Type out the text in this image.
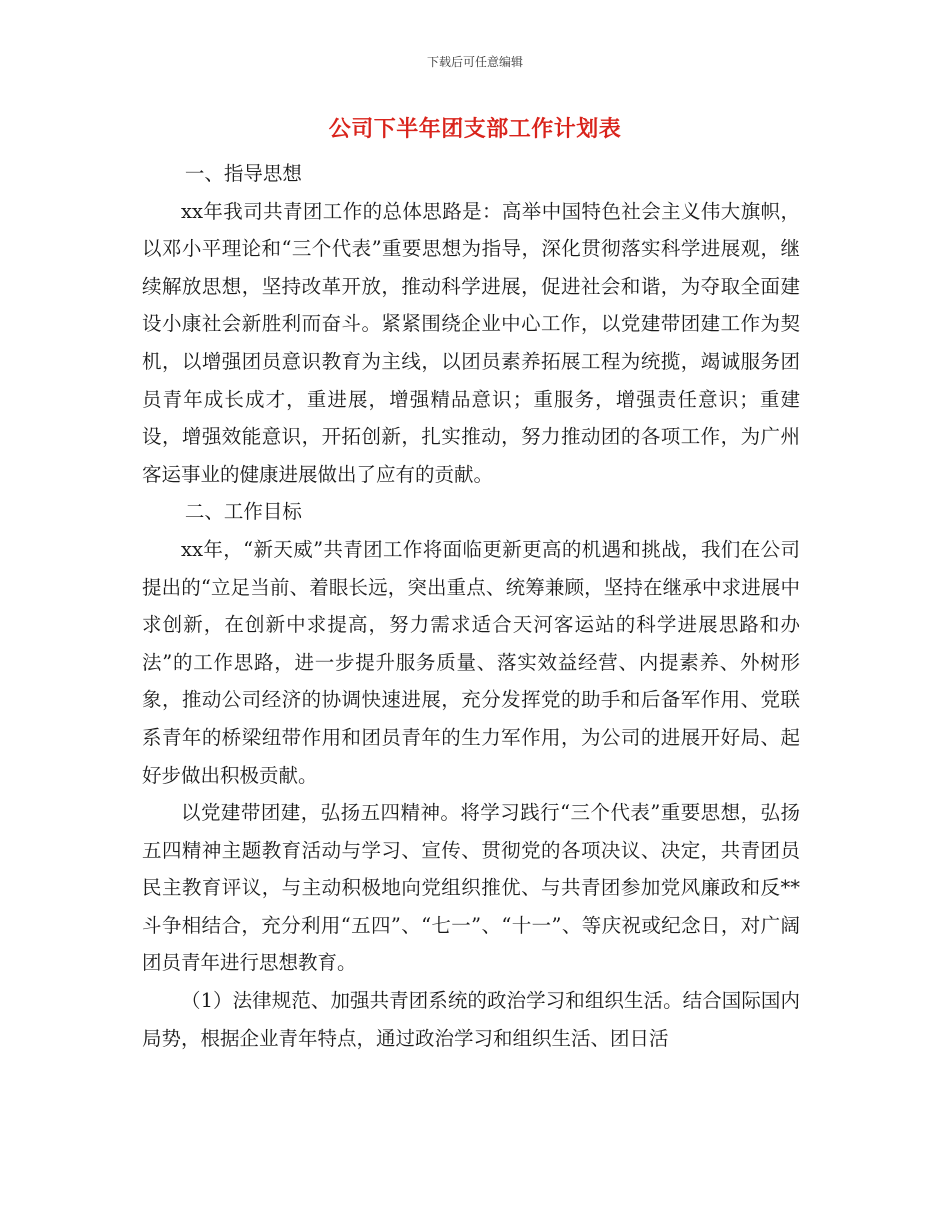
下载后可任意编辑
公司下半年团支部工作计划表

一、指导思想

xx年我司共青团工作的总体思路是：高举中国特色社会主义伟大旗帜，以邓小平理论和“三个代表”重要思想为指导，深化贯彻落实科学进展观，继续解放思想，坚持改革开放，推动科学进展，促进社会和谐，为夺取全面建设小康社会新胜利而奋斗。紧紧围绕企业中心工作，以党建带团建工作为契机，以增强团员意识教育为主线，以团员素养拓展工程为统揽，竭诚服务团员青年成长成才，重进展，增强精品意识；重服务，增强责任意识；重建设，增强效能意识，开拓创新，扎实推动，努力推动团的各项工作，为广州客运事业的健康进展做出了应有的贡献。

二、工作目标

xx年，“新天威”共青团工作将面临更新更高的机遇和挑战，我们在公司提出的“立足当前、着眼长远，突出重点、统筹兼顾，坚持在继承中求进展中求创新，在创新中求提高，努力需求适合天河客运站的科学进展思路和办法”的工作思路，进一步提升服务质量、落实效益经营、内提素养、外树形象，推动公司经济的协调快速进展，充分发挥党的助手和后备军作用、党联系青年的桥梁纽带作用和团员青年的生力军作用，为公司的进展开好局、起好步做出积极贡献。

以党建带团建，弘扬五四精神。将学习践行“三个代表”重要思想，弘扬五四精神主题教育活动与学习、宣传、贯彻党的各项决议、决定，共青团员民主教育评议，与主动积极地向党组织推优、与共青团参加党风廉政和反**斗争相结合，充分利用“五四”、“七一”、“十一”、等庆祝或纪念日，对广阔团员青年进行思想教育。

（1）法律规范、加强共青团系统的政治学习和组织生活。结合国际国内局势，根据企业青年特点，通过政治学习和组织生活、团日活
